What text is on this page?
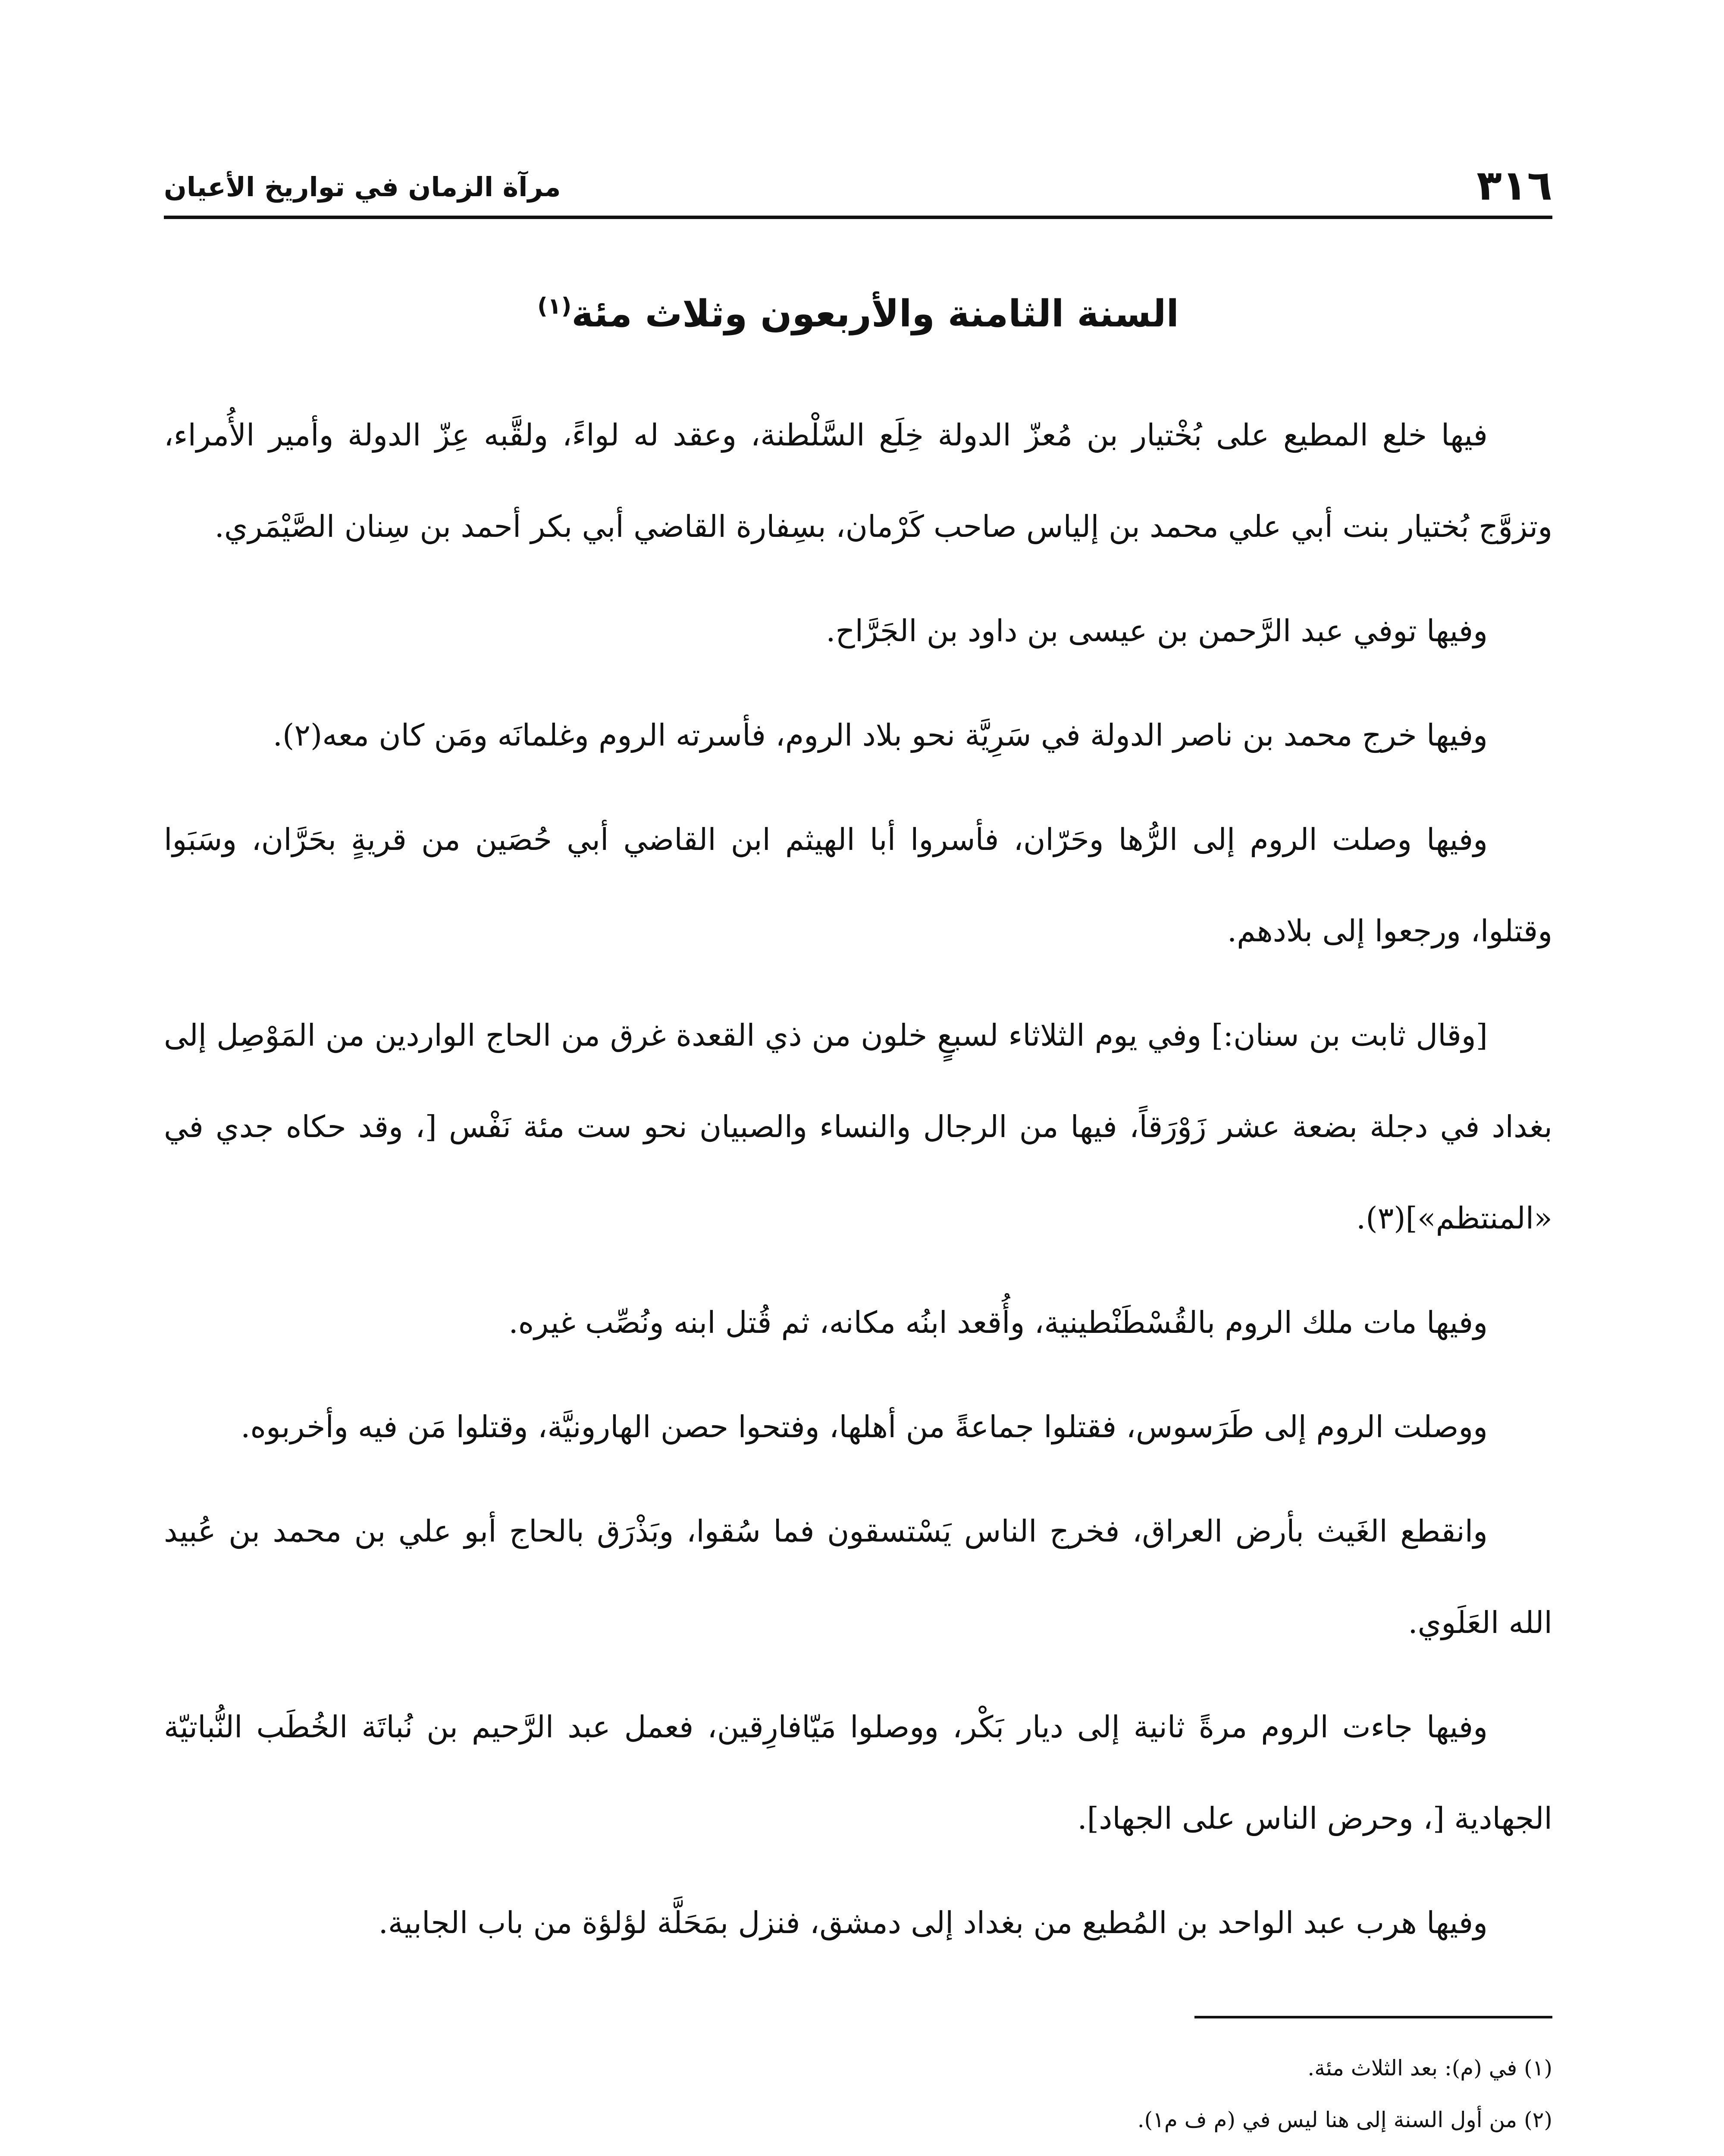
٣١٦
مرآة الزمان في تواريخ الأعيان
السنة الثامنة والأربعون وثلاث مئة$^{(١)}$

فيها خلع المطيع على بُخْتيار بن مُعزّ الدولة خِلَع السَّلْطنة، وعقد له لواءً، ولقَّبه عِزّ الدولة وأمير الأُمراء، وتزوَّج بُختيار بنت أبي علي محمد بن إلياس صاحب كَرْمان، بسِفارة القاضي أبي بكر أحمد بن سِنان الصَّيْمَري.

وفيها توفي عبد الرَّحمن بن عيسى بن داود بن الجَرَّاح.

وفيها خرج محمد بن ناصر الدولة في سَرِيَّة نحو بلاد الروم، فأسرته الروم وغلمانَه ومَن كان معه(٢).

وفيها وصلت الروم إلى الرُّها وحَرّان، فأسروا أبا الهيثم ابن القاضي أبي حُصَين من قريةٍ بحَرَّان، وسَبَوا وقتلوا، ورجعوا إلى بلادهم.

[وقال ثابت بن سنان:] وفي يوم الثلاثاء لسبعٍ خلون من ذي القعدة غرق من الحاج الواردين من المَوْصِل إلى بغداد في دجلة بضعة عشر زَوْرَقاً، فيها من الرجال والنساء والصبيان نحو ست مئة نَفْس [، وقد حكاه جدي في «المنتظم»](٣).

وفيها مات ملك الروم بالقُسْطَنْطينية، وأُقعد ابنُه مكانه، ثم قُتل ابنه ونُصِّب غيره.

ووصلت الروم إلى طَرَسوس، فقتلوا جماعةً من أهلها، وفتحوا حصن الهارونيَّة، وقتلوا مَن فيه وأخربوه.

وانقطع الغَيث بأرض العراق، فخرج الناس يَسْتسقون فما سُقوا، وبَذْرَق بالحاج أبو علي بن محمد بن عُبيد الله العَلَوي.

وفيها جاءت الروم مرةً ثانية إلى ديار بَكْر، ووصلوا مَيّافارِقين، فعمل عبد الرَّحيم بن نُباتَة الخُطَب النُّباتيّة الجهادية [، وحرض الناس على الجهاد].

وفيها هرب عبد الواحد بن المُطيع من بغداد إلى دمشق، فنزل بمَحَلَّة لؤلؤة من باب الجابية.

(١) في (م): بعد الثلاث مئة.

(٢) من أول السنة إلى هنا ليس في (م ف م١).
